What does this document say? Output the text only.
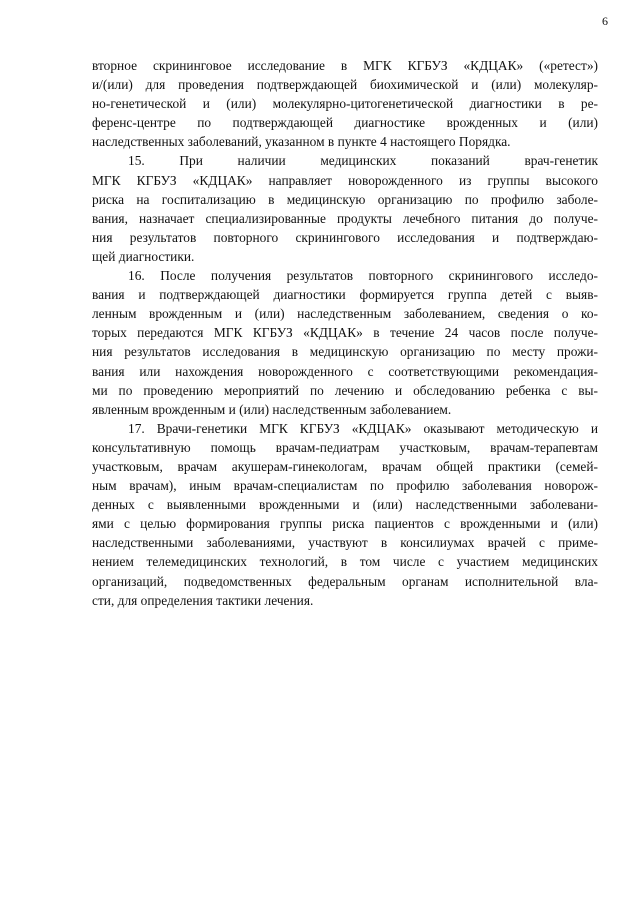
6
вторное скрининговое исследование в МГК КГБУЗ «КДЦАК» («ретест»)
и/(или) для проведения подтверждающей биохимической и (или) молекуляр-
но-генетической и (или) молекулярно-цитогенетической диагностики в ре-
ференс-центре по подтверждающей диагностике врожденных и (или)
наследственных заболеваний, указанном в пункте 4 настоящего Порядка.
15. При наличии медицинских показаний врач-генетик
МГК КГБУЗ «КДЦАК» направляет новорожденного из группы высокого
риска на госпитализацию в медицинскую организацию по профилю заболе-
вания, назначает специализированные продукты лечебного питания до получе-
ния результатов повторного скринингового исследования и подтверждаю-
щей диагностики.
16. После получения результатов повторного скринингового исследо-
вания и подтверждающей диагностики формируется группа детей с выяв-
ленным врожденным и (или) наследственным заболеванием, сведения о ко-
торых передаются МГК КГБУЗ «КДЦАК» в течение 24 часов после получе-
ния результатов исследования в медицинскую организацию по месту прожи-
вания или нахождения новорожденного с соответствующими рекомендация-
ми по проведению мероприятий по лечению и обследованию ребенка с вы-
явленным врожденным и (или) наследственным заболеванием.
17. Врачи-генетики МГК КГБУЗ «КДЦАК» оказывают методическую и
консультативную помощь врачам-педиатрам участковым, врачам-терапевтам
участковым, врачам акушерам-гинекологам, врачам общей практики (семей-
ным врачам), иным врачам-специалистам по профилю заболевания новорож-
денных с выявленными врожденными и (или) наследственными заболевани-
ями с целью формирования группы риска пациентов с врожденными и (или)
наследственными заболеваниями, участвуют в консилиумах врачей с приме-
нением телемедицинских технологий, в том числе с участием медицинских
организаций, подведомственных федеральным органам исполнительной вла-
сти, для определения тактики лечения.
